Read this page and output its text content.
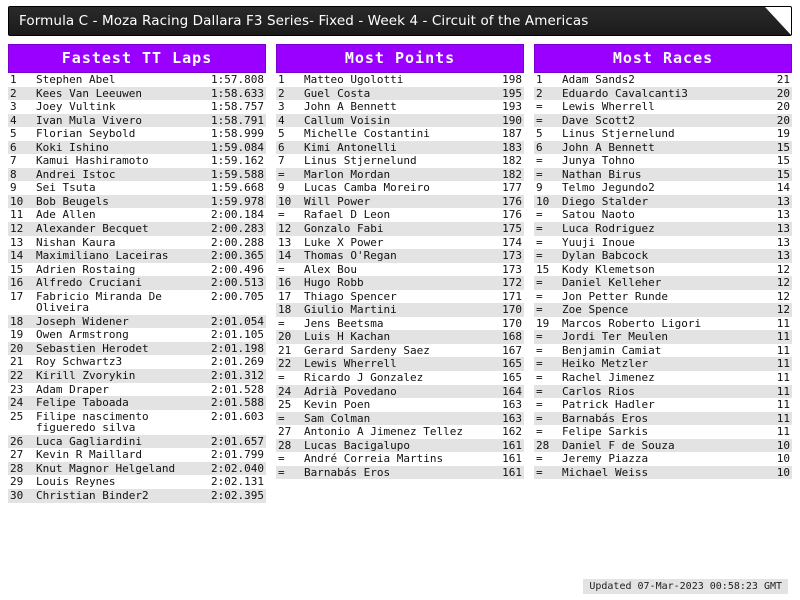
Formula C - Moza Racing Dallara F3 Series- Fixed - Week 4 - Circuit of the Americas
Fastest TT Laps
1	Stephen Abel	1:57.808
2	Kees Van Leeuwen	1:58.633
3	Joey Vultink	1:58.757
4	Ivan Mula Vivero	1:58.791
5	Florian Seybold	1:58.999
6	Koki Ishino	1:59.084
7	Kamui Hashiramoto	1:59.162
8	Andrei Istoc	1:59.588
9	Sei Tsuta	1:59.668
10	Bob Beugels	1:59.978
11	Ade Allen	2:00.184
12	Alexander Becquet	2:00.283
13	Nishan Kaura	2:00.288
14	Maximiliano Laceiras	2:00.365
15	Adrien Rostaing	2:00.496
16	Alfredo Cruciani	2:00.513
17	Fabricio Miranda De Oliveira	2:00.705
18	Joseph Widener	2:01.054
19	Owen Armstrong	2:01.105
20	Sebastien Herodet	2:01.198
21	Roy Schwartz3	2:01.269
22	Kirill Zvorykin	2:01.312
23	Adam Draper	2:01.528
24	Felipe Taboada	2:01.588
25	Filipe nascimento figueredo silva	2:01.603
26	Luca Gagliardini	2:01.657
27	Kevin R Maillard	2:01.799
28	Knut Magnor Helgeland	2:02.040
29	Louis Reynes	2:02.131
30	Christian Binder2	2:02.395
Most Points
1	Matteo Ugolotti	198
2	Guel Costa	195
3	John A Bennett	193
4	Callum Voisin	190
5	Michelle Costantini	187
6	Kimi Antonelli	183
7	Linus Stjernelund	182
=	Marlon Mordan	182
9	Lucas Camba Moreiro	177
10	Will Power	176
=	Rafael D Leon	176
12	Gonzalo Fabi	175
13	Luke X Power	174
14	Thomas O'Regan	173
=	Alex Bou	173
16	Hugo Robb	172
17	Thiago Spencer	171
18	Giulio Martini	170
=	Jens Beetsma	170
20	Luis H Kachan	168
21	Gerard Sardeny Saez	167
22	Lewis Wherrell	165
=	Ricardo J Gonzalez	165
24	Adrià Povedano	164
25	Kevin Poen	163
=	Sam Colman	163
27	Antonio A Jimenez Tellez	162
28	Lucas Bacigalupo	161
=	André Correia Martins	161
=	Barnabás Eros	161
Most Races
1	Adam Sands2	21
2	Eduardo Cavalcanti3	20
=	Lewis Wherrell	20
=	Dave Scott2	20
5	Linus Stjernelund	19
6	John A Bennett	15
=	Junya Tohno	15
=	Nathan Birus	15
9	Telmo Jegundo2	14
10	Diego Stalder	13
=	Satou Naoto	13
=	Luca Rodriguez	13
=	Yuuji Inoue	13
=	Dylan Babcock	13
15	Kody Klemetson	12
=	Daniel Kelleher	12
=	Jon Petter Runde	12
=	Zoe Spence	12
19	Marcos Roberto Ligori	11
=	Jordi Ter Meulen	11
=	Benjamin Camiat	11
=	Heiko Metzler	11
=	Rachel Jimenez	11
=	Carlos Rios	11
=	Patrick Hadler	11
=	Barnabás Eros	11
=	Felipe Sarkis	11
28	Daniel F de Souza	10
=	Jeremy Piazza	10
=	Michael Weiss	10
Updated 07-Mar-2023 00:58:23 GMT
